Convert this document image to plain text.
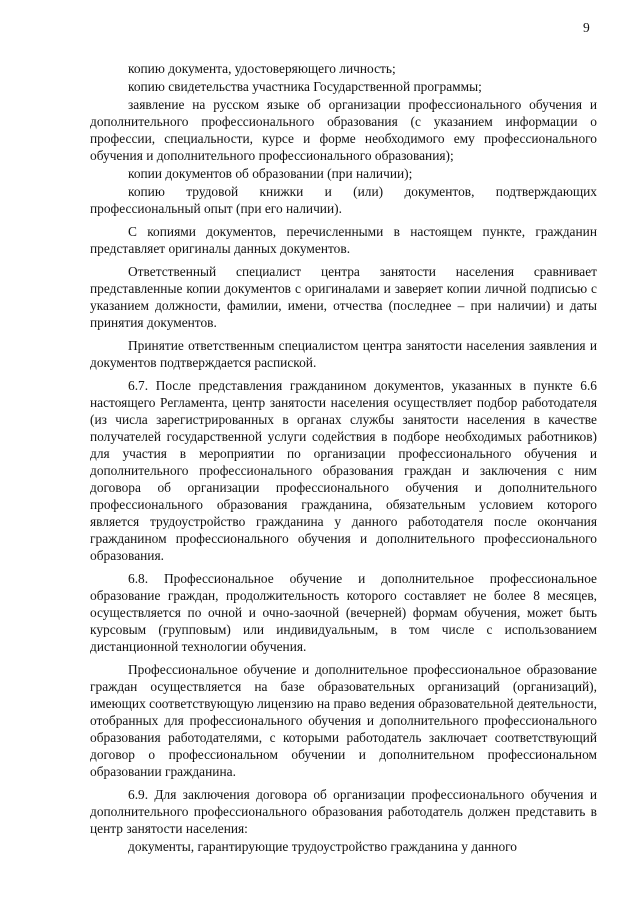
9

копию документа, удостоверяющего личность;

копию свидетельства участника Государственной программы;

заявление на русском языке об организации профессионального обучения и дополнительного профессионального образования (с указанием информации о профессии, специальности, курсе и форме необходимого ему профессионального обучения и дополнительного профессионального образования);

копии документов об образовании (при наличии);

копию трудовой книжки и (или) документов, подтверждающих профессиональный опыт (при его наличии).

С копиями документов, перечисленными в настоящем пункте, гражданин представляет оригиналы данных документов.

Ответственный специалист центра занятости населения сравнивает представленные копии документов с оригиналами и заверяет копии личной подписью с указанием должности, фамилии, имени, отчества (последнее – при наличии) и даты принятия документов.

Принятие ответственным специалистом центра занятости населения заявления и документов подтверждается распиской.

6.7. После представления гражданином документов, указанных в пункте 6.6 настоящего Регламента, центр занятости населения осуществляет подбор работодателя (из числа зарегистрированных в органах службы занятости населения в качестве получателей государственной услуги содействия в подборе необходимых работников) для участия в мероприятии по организации профессионального обучения и дополнительного профессионального образования граждан и заключения с ним договора об организации профессионального обучения и дополнительного профессионального образования гражданина, обязательным условием которого является трудоустройство гражданина у данного работодателя после окончания гражданином профессионального обучения и дополнительного профессионального образования.

6.8. Профессиональное обучение и дополнительное профессиональное образование граждан, продолжительность которого составляет не более 8 месяцев, осуществляется по очной и очно-заочной (вечерней) формам обучения, может быть курсовым (групповым) или индивидуальным, в том числе с использованием дистанционной технологии обучения.

Профессиональное обучение и дополнительное профессиональное образование граждан осуществляется на базе образовательных организаций (организаций), имеющих соответствующую лицензию на право ведения образовательной деятельности, отобранных для профессионального обучения и дополнительного профессионального образования работодателями, с которыми работодатель заключает соответствующий договор о профессиональном обучении и дополнительном профессиональном образовании гражданина.

6.9. Для заключения договора об организации профессионального обучения и дополнительного профессионального образования работодатель должен представить в центр занятости населения:

документы, гарантирующие трудоустройство гражданина у данного
